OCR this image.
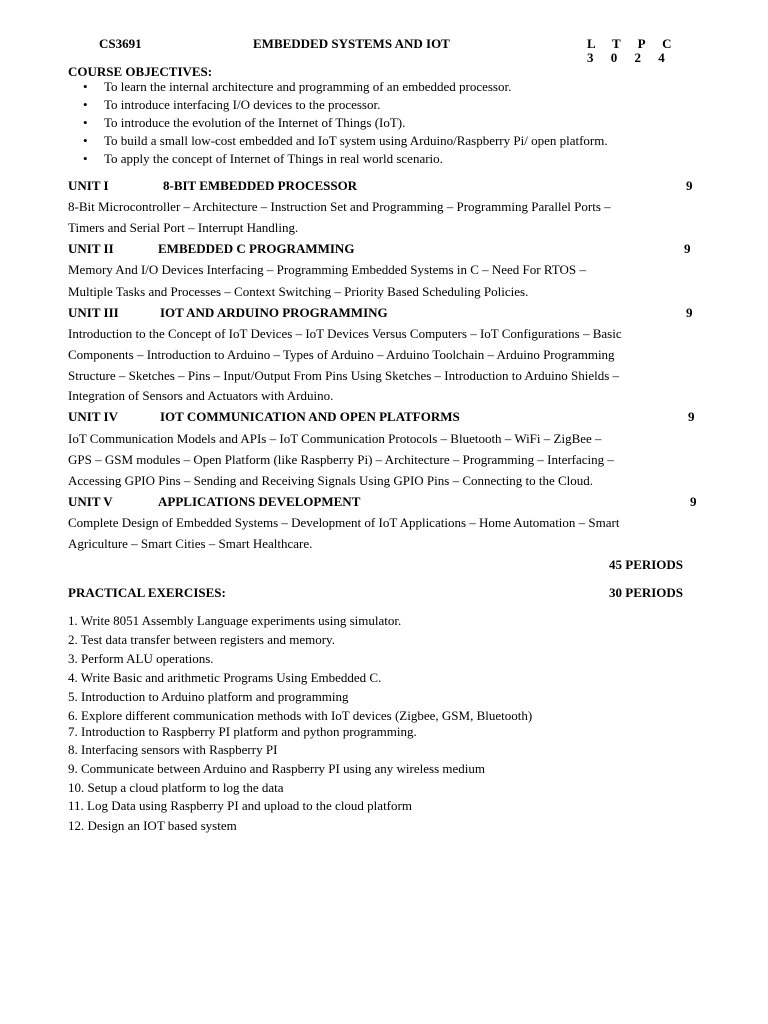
CS3691	EMBEDDED SYSTEMS AND IOT	L T P C
3 0 2 4
COURSE OBJECTIVES:
• To learn the internal architecture and programming of an embedded processor.
• To introduce interfacing I/O devices to the processor.
• To introduce the evolution of the Internet of Things (IoT).
• To build a small low-cost embedded and IoT system using Arduino/Raspberry Pi/ open platform.
• To apply the concept of Internet of Things in real world scenario.
UNIT I	8-BIT EMBEDDED PROCESSOR	9
8-Bit Microcontroller – Architecture – Instruction Set and Programming – Programming Parallel Ports –
Timers and Serial Port – Interrupt Handling.
UNIT II	EMBEDDED C PROGRAMMING	9
Memory And I/O Devices Interfacing – Programming Embedded Systems in C – Need For RTOS –
Multiple Tasks and Processes – Context Switching – Priority Based Scheduling Policies.
UNIT III	IOT AND ARDUINO PROGRAMMING	9
Introduction to the Concept of IoT Devices – IoT Devices Versus Computers – IoT Configurations – Basic
Components – Introduction to Arduino – Types of Arduino – Arduino Toolchain – Arduino Programming
Structure – Sketches – Pins – Input/Output From Pins Using Sketches – Introduction to Arduino Shields –
Integration of Sensors and Actuators with Arduino.
UNIT IV	IOT COMMUNICATION AND OPEN PLATFORMS	9
IoT Communication Models and APIs – IoT Communication Protocols – Bluetooth – WiFi – ZigBee –
GPS – GSM modules – Open Platform (like Raspberry Pi) – Architecture – Programming – Interfacing –
Accessing GPIO Pins – Sending and Receiving Signals Using GPIO Pins – Connecting to the Cloud.
UNIT V	APPLICATIONS DEVELOPMENT	9
Complete Design of Embedded Systems – Development of IoT Applications – Home Automation – Smart
Agriculture – Smart Cities – Smart Healthcare.
45 PERIODS
PRACTICAL EXERCISES:	30 PERIODS
1. Write 8051 Assembly Language experiments using simulator.
2. Test data transfer between registers and memory.
3. Perform ALU operations.
4. Write Basic and arithmetic Programs Using Embedded C.
5. Introduction to Arduino platform and programming
6. Explore different communication methods with IoT devices (Zigbee, GSM, Bluetooth)
7. Introduction to Raspberry PI platform and python programming.
8. Interfacing sensors with Raspberry PI
9. Communicate between Arduino and Raspberry PI using any wireless medium
10. Setup a cloud platform to log the data
11. Log Data using Raspberry PI and upload to the cloud platform
12. Design an IOT based system
